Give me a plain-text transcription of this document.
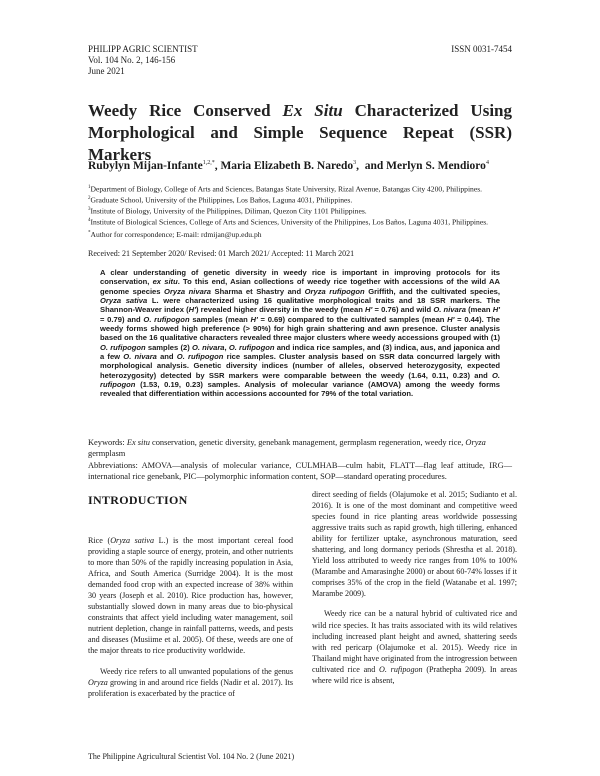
PHILIPP AGRIC SCIENTIST
Vol. 104 No. 2, 146-156
June 2021
ISSN 0031-7454
Weedy Rice Conserved Ex Situ Characterized Using
Morphological and Simple Sequence Repeat (SSR) Markers
Rubylyn Mijan-Infante$^{1,2,*}$, Maria Elizabeth B. Naredo$^3$,  and Merlyn S. Mendioro$^4$
$^1$Department of Biology, College of Arts and Sciences, Batangas State University, Rizal Avenue, Batangas City 4200, Philippines.
$^2$Graduate School, University of the Philippines, Los Baños, Laguna 4031, Philippines.
$^3$Institute of Biology, University of the Philippines, Diliman, Quezon City 1101 Philippines.
$^4$Institute of Biological Sciences, College of Arts and Sciences, University of the Philippines, Los Baños, Laguna 4031, Philippines.
*Author for correspondence; E-mail: rdmijan@up.edu.ph
Received: 21 September 2020/ Revised: 01 March 2021/ Accepted: 11 March 2021
A clear understanding of genetic diversity in weedy rice is important in improving protocols for its conservation, ex situ. To this end, Asian collections of weedy rice together with accessions of the wild AA genome species Oryza nivara Sharma et Shastry and Oryza rufipogon Griffith, and the cultivated species, Oryza sativa L. were characterized using 16 qualitative morphological traits and 18 SSR markers. The Shannon-Weaver index (H') revealed higher diversity in the weedy (mean H' = 0.76) and wild O. nivara (mean H' = 0.79) and O. rufipogon samples (mean H' = 0.69) compared to the cultivated samples (mean H' = 0.44). The weedy forms showed high preference (> 90%) for high grain shattering and awn presence. Cluster analysis based on the 16 qualitative characters revealed three major clusters where weedy accessions grouped with (1) O. rufipogon samples (2) O. nivara, O. rufipogon and indica rice samples, and (3) indica, aus, and japonica and a few O. nivara and O. rufipogon rice samples. Cluster analysis based on SSR data concurred largely with morphological analysis. Genetic diversity indices (number of alleles, observed heterozygosity, expected heterozygosity) detected by SSR markers were comparable between the weedy (1.64, 0.11, 0.23) and O. rufipogon (1.53, 0.19, 0.23) samples. Analysis of molecular variance (AMOVA) among the weedy forms revealed that differentiation within accessions accounted for 79% of the total variation.
Keywords: Ex situ conservation, genetic diversity, genebank management, germplasm regeneration, weedy rice, Oryza germplasm
Abbreviations: AMOVA—analysis of molecular variance, CULMHAB—culm habit, FLATT—flag leaf attitude, IRG—international rice genebank, PIC—polymorphic information content, SOP—standard operating procedures.
INTRODUCTION

Rice (Oryza sativa L.) is the most important cereal food providing a staple source of energy, protein, and other nutrients to more than 50% of the rapidly increasing population in Asia, Africa, and South America (Surridge 2004). It is the most demanded food crop with an expected increase of 38% within 30 years (Joseph et al. 2010). Rice production has, however, substantially slowed down in many areas due to bio-physical constraints that affect yield including water management, soil nutrient depletion, change in rainfall patterns, weeds, and pests and diseases (Musiime et al. 2005). Of these, weeds are one of the major threats to rice productivity worldwide.

Weedy rice refers to all unwanted populations of the genus Oryza growing in and around rice fields (Nadir et al. 2017). Its proliferation is exacerbated by the practice of

direct seeding of fields (Olajumoke et al. 2015; Sudianto et al. 2016). It is one of the most dominant and competitive weed species found in rice planting areas worldwide possessing aggressive traits such as rapid growth, high tillering, enhanced ability for fertilizer uptake, asynchronous maturation, seed shattering, and long dormancy periods (Shrestha et al. 2018). Yield loss attributed to weedy rice ranges from 10% to 100% (Marambe and Amarasinghe 2000) or about 60-74% losses if it comprises 35% of the crop in the field (Watanabe et al. 1997; Marambe 2009).

Weedy rice can be a natural hybrid of cultivated rice and wild rice species. It has traits associated with its wild relatives including increased plant height and awned, shattering seeds with red pericarp (Olajumoke et al. 2015). Weedy rice in Thailand might have originated from the introgression between cultivated rice and O. rufipogon (Prathepha 2009). In areas where wild rice is absent,

The Philippine Agricultural Scientist Vol. 104 No. 2 (June 2021)
